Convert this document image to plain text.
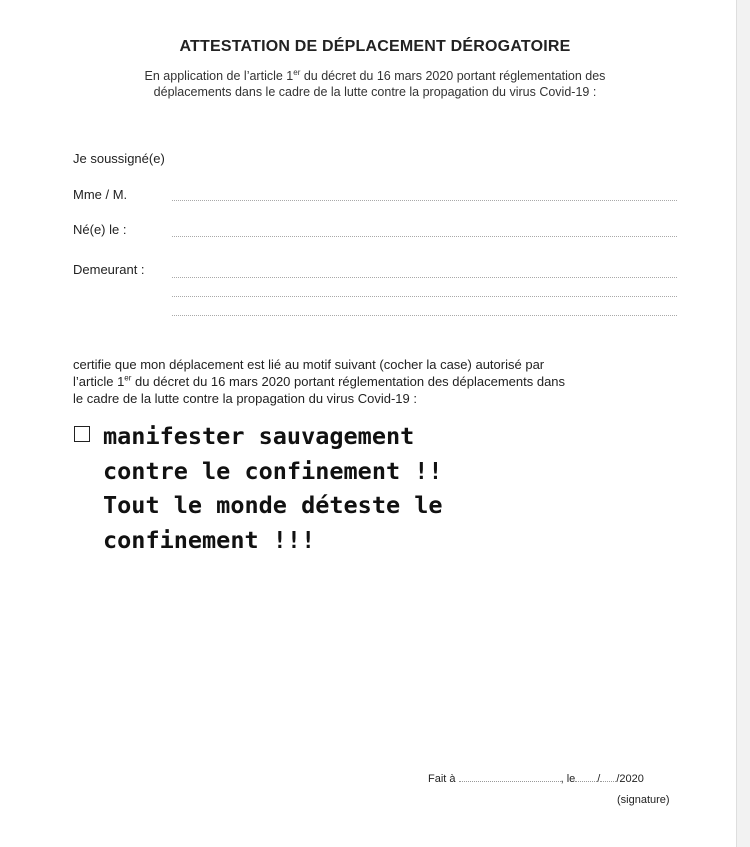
ATTESTATION DE DÉPLACEMENT DÉROGATOIRE
En application de l’article 1er du décret du 16 mars 2020 portant réglementation des
déplacements dans le cadre de la lutte contre la propagation du virus Covid-19 :
Je soussigné(e)
Mme / M.
Né(e) le :
Demeurant :
certifie que mon déplacement est lié au motif suivant (cocher la case) autorisé par
l’article 1er du décret du 16 mars 2020 portant réglementation des déplacements dans
le cadre de la lutte contre la propagation du virus Covid-19 :
manifester sauvagement
contre le confinement !!
Tout le monde déteste le
confinement !!!
Fait à	, le / /2020
(signature)
